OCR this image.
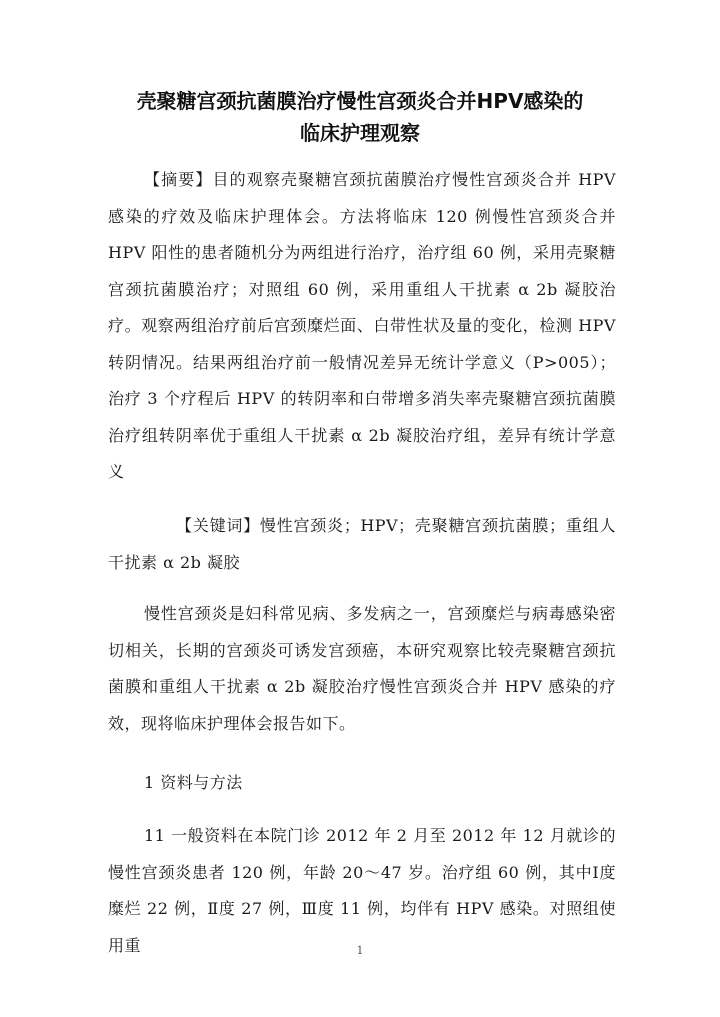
壳聚糖宫颈抗菌膜治疗慢性宫颈炎合并HPV感染的
临床护理观察

【摘要】目的观察壳聚糖宫颈抗菌膜治疗慢性宫颈炎合并 HPV 感染的疗效及临床护理体会。方法将临床 120 例慢性宫颈炎合并 HPV 阳性的患者随机分为两组进行治疗，治疗组 60 例，采用壳聚糖宫颈抗菌膜治疗；对照组 60 例，采用重组人干扰素 α 2b 凝胶治疗。观察两组治疗前后宫颈糜烂面、白带性状及量的变化，检测 HPV 转阴情况。结果两组治疗前一般情况差异无统计学意义（P>005）；治疗 3 个疗程后 HPV 的转阴率和白带增多消失率壳聚糖宫颈抗菌膜治疗组转阴率优于重组人干扰素 α 2b 凝胶治疗组，差异有统计学意义

【关键词】慢性宫颈炎；HPV；壳聚糖宫颈抗菌膜；重组人干扰素 α 2b 凝胶

慢性宫颈炎是妇科常见病、多发病之一，宫颈糜烂与病毒感染密切相关，长期的宫颈炎可诱发宫颈癌，本研究观察比较壳聚糖宫颈抗菌膜和重组人干扰素 α 2b 凝胶治疗慢性宫颈炎合并 HPV 感染的疗效，现将临床护理体会报告如下。

1 资料与方法

11 一般资料在本院门诊 2012 年 2 月至 2012 年 12 月就诊的慢性宫颈炎患者 120 例，年龄 20～47 岁。治疗组 60 例，其中Ⅰ度糜烂 22 例，Ⅱ度 27 例，Ⅲ度 11 例，均伴有 HPV 感染。对照组使用重	1
